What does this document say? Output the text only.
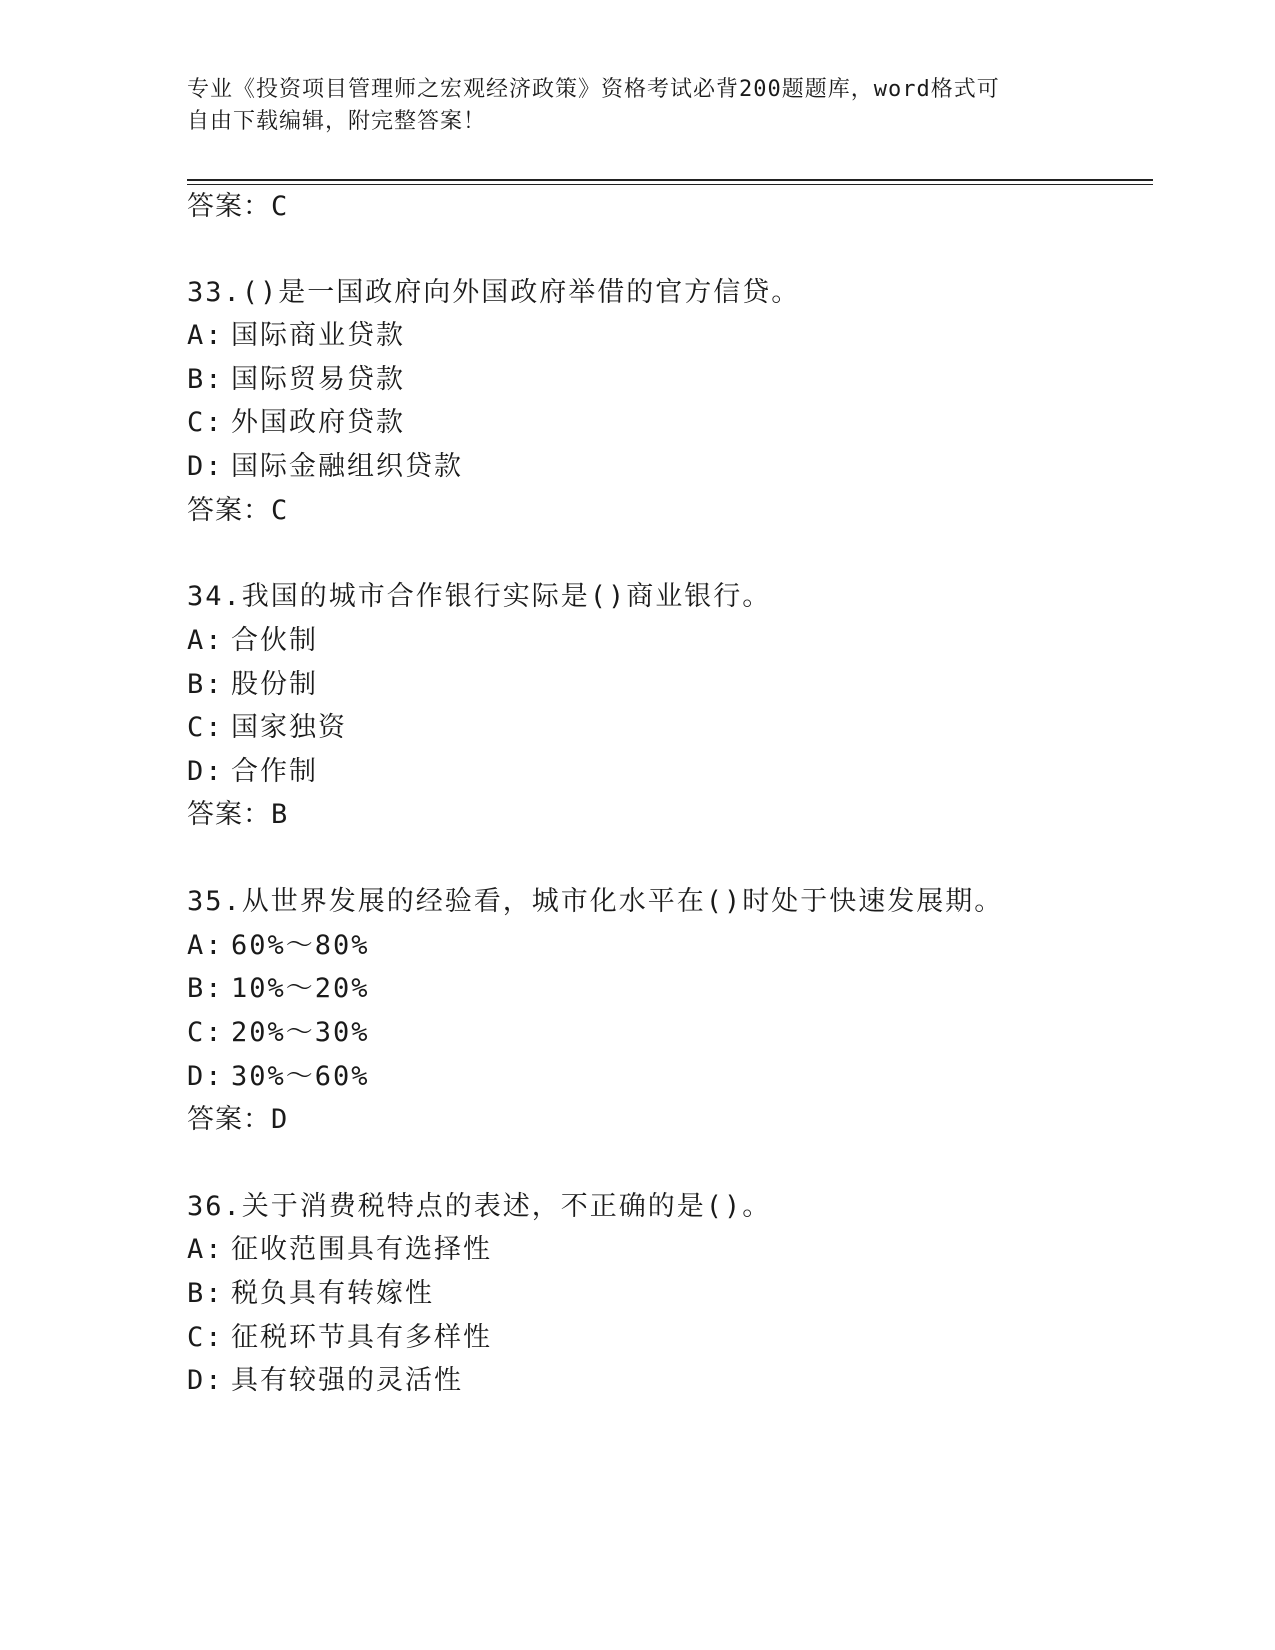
专业《投资项目管理师之宏观经济政策》资格考试必背200题题库，word格式可
自由下载编辑，附完整答案！
答案：C
33.()是一国政府向外国政府举借的官方信贷。
A: 国际商业贷款
B: 国际贸易贷款
C: 外国政府贷款
D: 国际金融组织贷款
答案：C
34.我国的城市合作银行实际是()商业银行。
A: 合伙制
B: 股份制
C: 国家独资
D: 合作制
答案：B
35.从世界发展的经验看，城市化水平在()时处于快速发展期。
A: 60%～80%
B: 10%～20%
C: 20%～30%
D: 30%～60%
答案：D
36.关于消费税特点的表述，不正确的是()。
A: 征收范围具有选择性
B: 税负具有转嫁性
C: 征税环节具有多样性
D: 具有较强的灵活性
